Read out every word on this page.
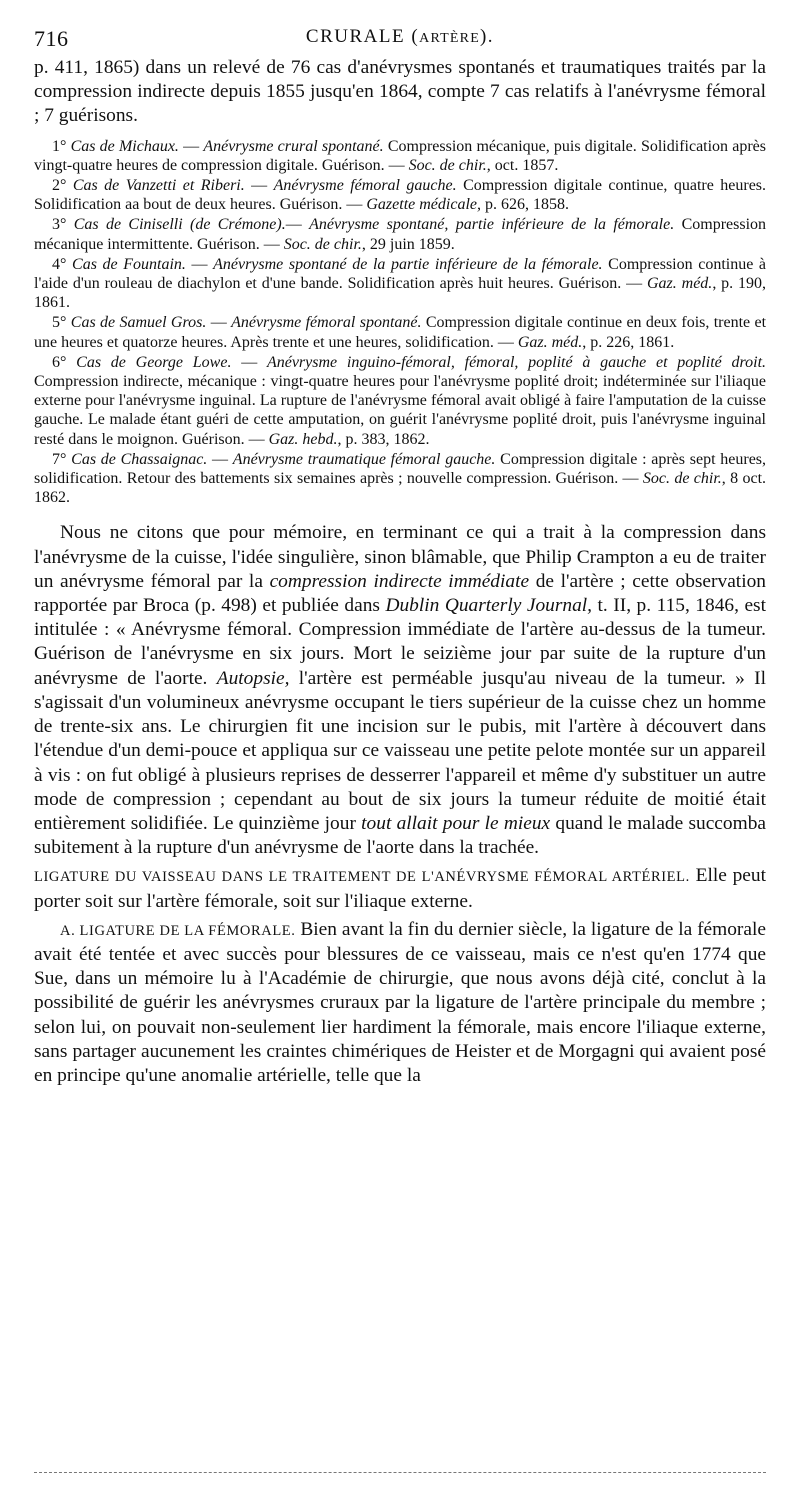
716	CRURALE (ARTÈRE).

p. 411, 1865) dans un relevé de 76 cas d'anévrysmes spontanés et traumatiques traités par la compression indirecte depuis 1855 jusqu'en 1864, compte 7 cas relatifs à l'anévrysme fémoral ; 7 guérisons.

1° Cas de Michaux. — Anévrysme crural spontané. Compression mécanique, puis digitale. Solidification après vingt-quatre heures de compression digitale. Guérison. — Soc. de chir., oct. 1857.

2° Cas de Vanzetti et Riberi. — Anévrysme fémoral gauche. Compression digitale continue, quatre heures. Solidification aa bout de deux heures. Guérison. — Gazette médicale, p. 626, 1858.

3° Cas de Ciniselli (de Crémone).— Anévrysme spontané, partie inférieure de la fémorale. Compression mécanique intermittente. Guérison. — Soc. de chir., 29 juin 1859.

4° Cas de Fountain. — Anévrysme spontané de la partie inférieure de la fémorale. Compression continue à l'aide d'un rouleau de diachylon et d'une bande. Solidification après huit heures. Guérison. — Gaz. méd., p. 190, 1861.

5° Cas de Samuel Gros. — Anévrysme fémoral spontané. Compression digitale continue en deux fois, trente et une heures et quatorze heures. Après trente et une heures, solidification. — Gaz. méd., p. 226, 1861.

6° Cas de George Lowe. — Anévrysme inguino-fémoral, fémoral, poplité à gauche et poplité droit. Compression indirecte, mécanique : vingt-quatre heures pour l'anévrysme poplité droit; indéterminée sur l'iliaque externe pour l'anévrysme inguinal. La rupture de l'anévrysme fémoral avait obligé à faire l'amputation de la cuisse gauche. Le malade étant guéri de cette amputation, on guérit l'anévrysme poplité droit, puis l'anévrysme inguinal resté dans le moignon. Guérison. — Gaz. hebd., p. 383, 1862.

7° Cas de Chassaignac. — Anévrysme traumatique fémoral gauche. Compression digitale : après sept heures, solidification. Retour des battements six semaines après ; nouvelle compression. Guérison. — Soc. de chir., 8 oct. 1862.

Nous ne citons que pour mémoire, en terminant ce qui a trait à la compression dans l'anévrysme de la cuisse, l'idée singulière, sinon blâmable, que Philip Crampton a eu de traiter un anévrysme fémoral par la compression indirecte immédiate de l'artère ; cette observation rapportée par Broca (p. 498) et publiée dans Dublin Quarterly Journal, t. II, p. 115, 1846, est intitulée : « Anévrysme fémoral. Compression immédiate de l'artère au-dessus de la tumeur. Guérison de l'anévrysme en six jours. Mort le seizième jour par suite de la rupture d'un anévrysme de l'aorte. Autopsie, l'artère est perméable jusqu'au niveau de la tumeur. » Il s'agissait d'un volumineux anévrysme occupant le tiers supérieur de la cuisse chez un homme de trente-six ans. Le chirurgien fit une incision sur le pubis, mit l'artère à découvert dans l'étendue d'un demi-pouce et appliqua sur ce vaisseau une petite pelote montée sur un appareil à vis : on fut obligé à plusieurs reprises de desserrer l'appareil et même d'y substituer un autre mode de compression ; cependant au bout de six jours la tumeur réduite de moitié était entièrement solidifiée. Le quinzième jour tout allait pour le mieux quand le malade succomba subitement à la rupture d'un anévrysme de l'aorte dans la trachée.

LIGATURE DU VAISSEAU DANS LE TRAITEMENT DE L'ANÉVRYSME FÉMORAL ARTÉRIEL. Elle peut porter soit sur l'artère fémorale, soit sur l'iliaque externe.

A. LIGATURE DE LA FÉMORALE. Bien avant la fin du dernier siècle, la ligature de la fémorale avait été tentée et avec succès pour blessures de ce vaisseau, mais ce n'est qu'en 1774 que Sue, dans un mémoire lu à l'Académie de chirurgie, que nous avons déjà cité, conclut à la possibilité de guérir les anévrysmes cruraux par la ligature de l'artère principale du membre ; selon lui, on pouvait non-seulement lier hardiment la fémorale, mais encore l'iliaque externe, sans partager aucunement les craintes chimériques de Heister et de Morgagni qui avaient posé en principe qu'une anomalie artérielle, telle que la
